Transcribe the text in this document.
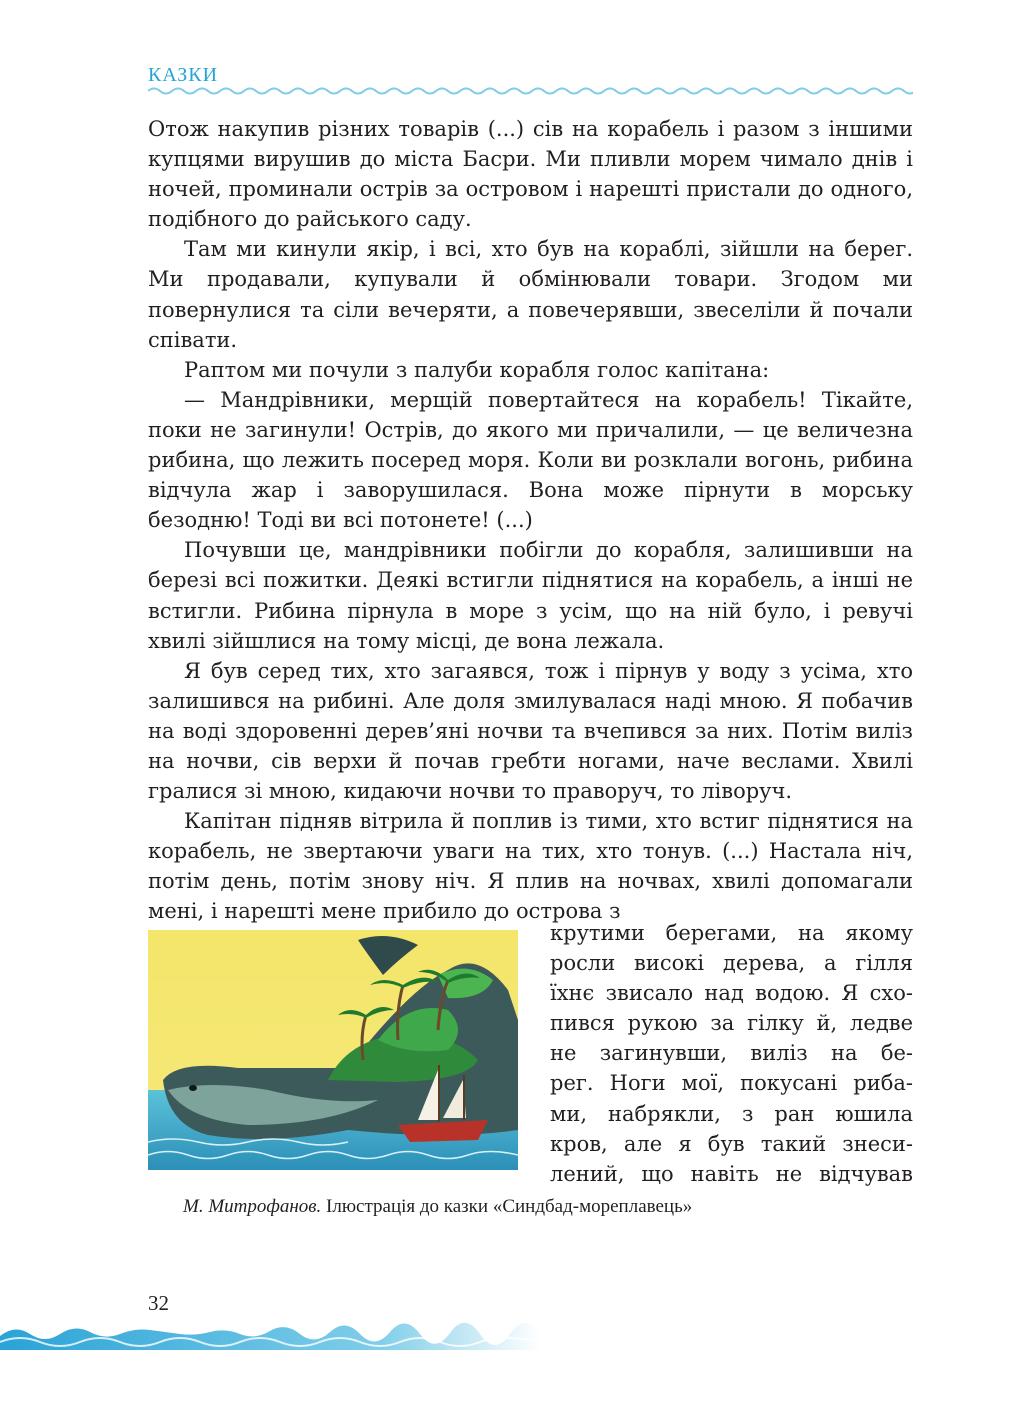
КАЗКИ

Отож накупив різних товарів (...) сів на корабель і разом з іншими купцями вирушив до міста Басри. Ми пливли морем чимало днів і ночей, проминали острів за островом і нарешті пристали до одного, подібного до райського саду.

Там ми кинули якір, і всі, хто був на кораблі, зійшли на берег. Ми продавали, купували й обмінювали товари. Згодом ми повернулися та сіли вечеряти, а повечерявши, звеселіли й почали співати.

Раптом ми почули з палуби корабля голос капітана:

— Мандрівники, мерщій повертайтеся на корабель! Тікайте, поки не загинули! Острів, до якого ми причалили, — це величезна рибина, що лежить посеред моря. Коли ви розклали вогонь, рибина відчула жар і заворушилася. Вона може пірнути в морську безодню! Тоді ви всі потонете! (...)

Почувши це, мандрівники побігли до корабля, залишивши на березі всі пожитки. Деякі встигли піднятися на корабель, а інші не встигли. Рибина пірнула в море з усім, що на ній було, і ревучі хвилі зійшлися на тому місці, де вона лежала.

Я був серед тих, хто загаявся, тож і пірнув у воду з усіма, хто залишився на рибині. Але доля змилувалася наді мною. Я побачив на воді здоровенні дерев’яні ночви та вчепився за них. Потім виліз на ночви, сів верхи й почав гребти ногами, наче веслами. Хвилі гралися зі мною, кидаючи ночви то праворуч, то ліворуч.

Капітан підняв вітрила й поплив із тими, хто встиг піднятися на корабель, не звертаючи уваги на тих, хто тонув. (...) Настала ніч, потім день, потім знову ніч. Я плив на ночвах, хвилі допомагали мені, і нарешті мене прибило до острова з

крутими берегами, на якому
росли високі дерева, а гілля
їхнє звисало над водою. Я схо-
пився рукою за гілку й, ледве
не загинувши, виліз на бе-
рег. Ноги мої, покусані риба-
ми, набрякли, з ран юшила
кров, але я був такий знеси-
лений, що навіть не відчував
М. Митрофанов. Ілюстрація до казки «Синдбад-мореплавець»
32
